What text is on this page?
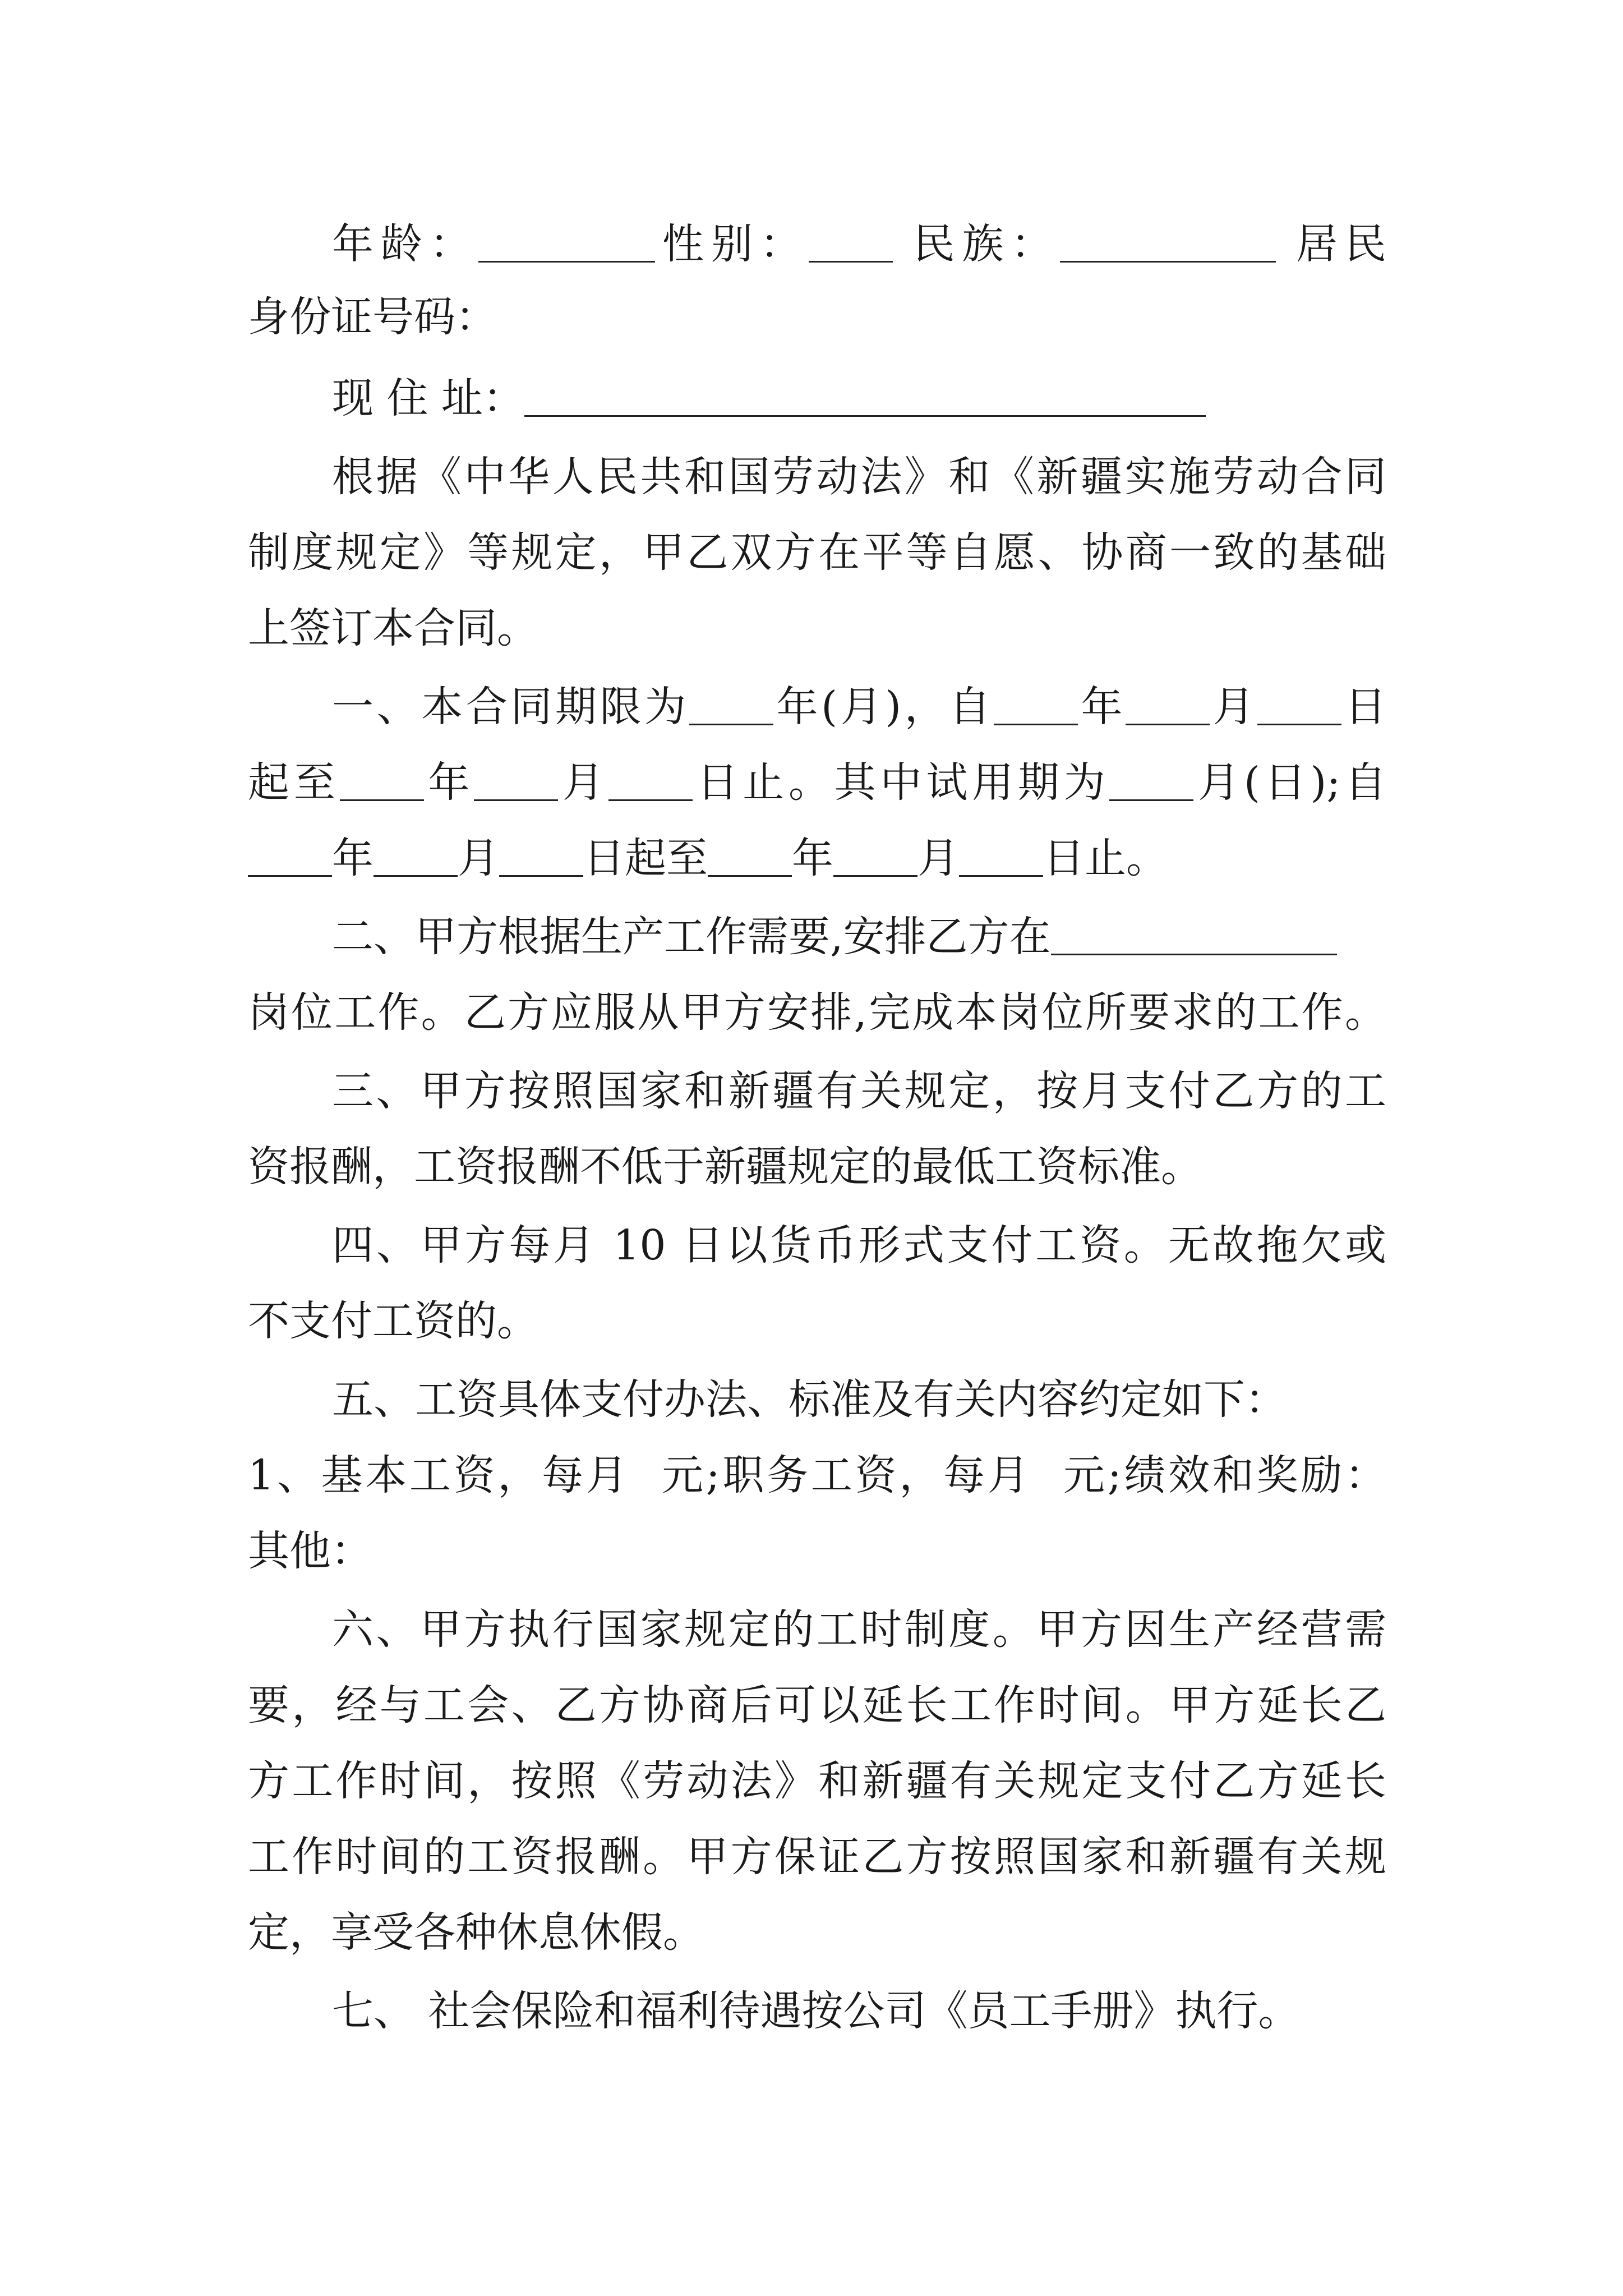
年龄：	性别： 民族：	居民
身份证号码：
现 住 址：
根据《中华人民共和国劳动法》和《新疆实施劳动合同
制度规定》等规定，甲乙双方在平等自愿、协商一致的基础
上签订本合同。
一、本合同期限为 年(月)，自 年 月 日
起至 年 月 日止。其中试用期为 月(日);自
年 月 日起至 年 月 日止。
二、甲方根据生产工作需要,安排乙方在
岗位工作。乙方应服从甲方安排,完成本岗位所要求的工作。
三、甲方按照国家和新疆有关规定，按月支付乙方的工
资报酬，工资报酬不低于新疆规定的最低工资标准。
四、甲方每月 10 日以货币形式支付工资。无故拖欠或
不支付工资的。
五、工资具体支付办法、标准及有关内容约定如下：
1、基本工资，每月  元;职务工资，每月  元;绩效和奖励：
其他：
六、甲方执行国家规定的工时制度。甲方因生产经营需
要，经与工会、乙方协商后可以延长工作时间。甲方延长乙
方工作时间，按照《劳动法》和新疆有关规定支付乙方延长
工作时间的工资报酬。甲方保证乙方按照国家和新疆有关规
定，享受各种休息休假。
七、 社会保险和福利待遇按公司《员工手册》执行。
